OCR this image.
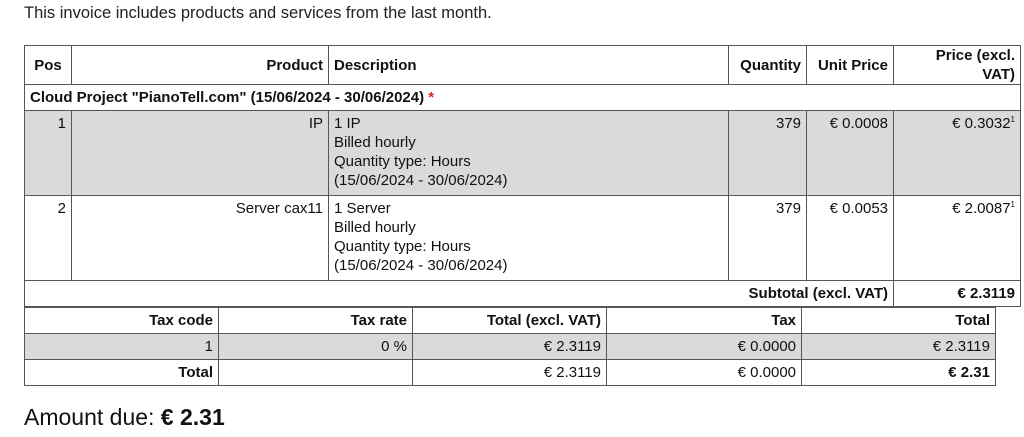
This invoice includes products and services from the last month.
Pos	Product	Description	Quantity	Unit Price	Price (excl. VAT)
Cloud Project "PianoTell.com" (15/06/2024 - 30/06/2024) *					
1	IP	1 IP
Billed hourly
Quantity type: Hours
(15/06/2024 - 30/06/2024)	379	€ 0.0008	€ 0.3032$^1$
2	Server cax11	1 Server
Billed hourly
Quantity type: Hours
(15/06/2024 - 30/06/2024)	379	€ 0.0053	€ 2.0087$^1$
Subtotal (excl. VAT)					€ 2.3119
Tax code	Tax rate	Total (excl. VAT)	Tax	Total
1	0 %	€ 2.3119	€ 0.0000	€ 2.3119
Total		€ 2.3119	€ 0.0000	€ 2.31
Amount due: € 2.31
